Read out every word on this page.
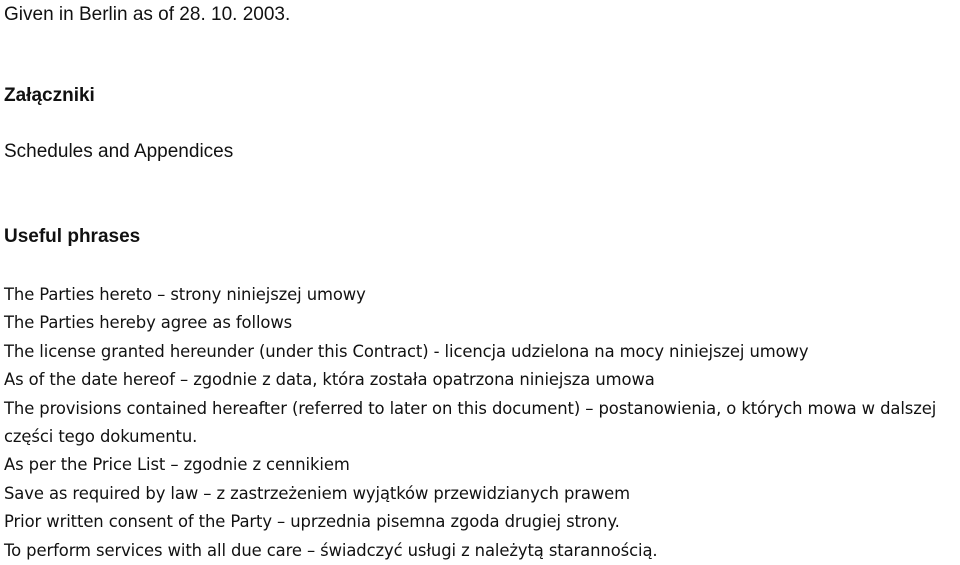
Given in Berlin as of 28. 10. 2003.
Załączniki
Schedules and Appendices
Useful phrases
The Parties hereto – strony niniejszej umowy
The Parties hereby agree as follows
The license granted hereunder (under this Contract) - licencja udzielona na mocy niniejszej umowy
As of the date hereof – zgodnie z data, która została opatrzona niniejsza umowa
The provisions contained hereafter (referred to later on this document) – postanowienia, o których mowa w dalszej części tego dokumentu.
As per the Price List – zgodnie z cennikiem
Save as required by law – z zastrzeżeniem wyjątków przewidzianych prawem
Prior written consent of the Party – uprzednia pisemna zgoda drugiej strony.
To perform services with all due care – świadczyć usługi z należytą starannością.
